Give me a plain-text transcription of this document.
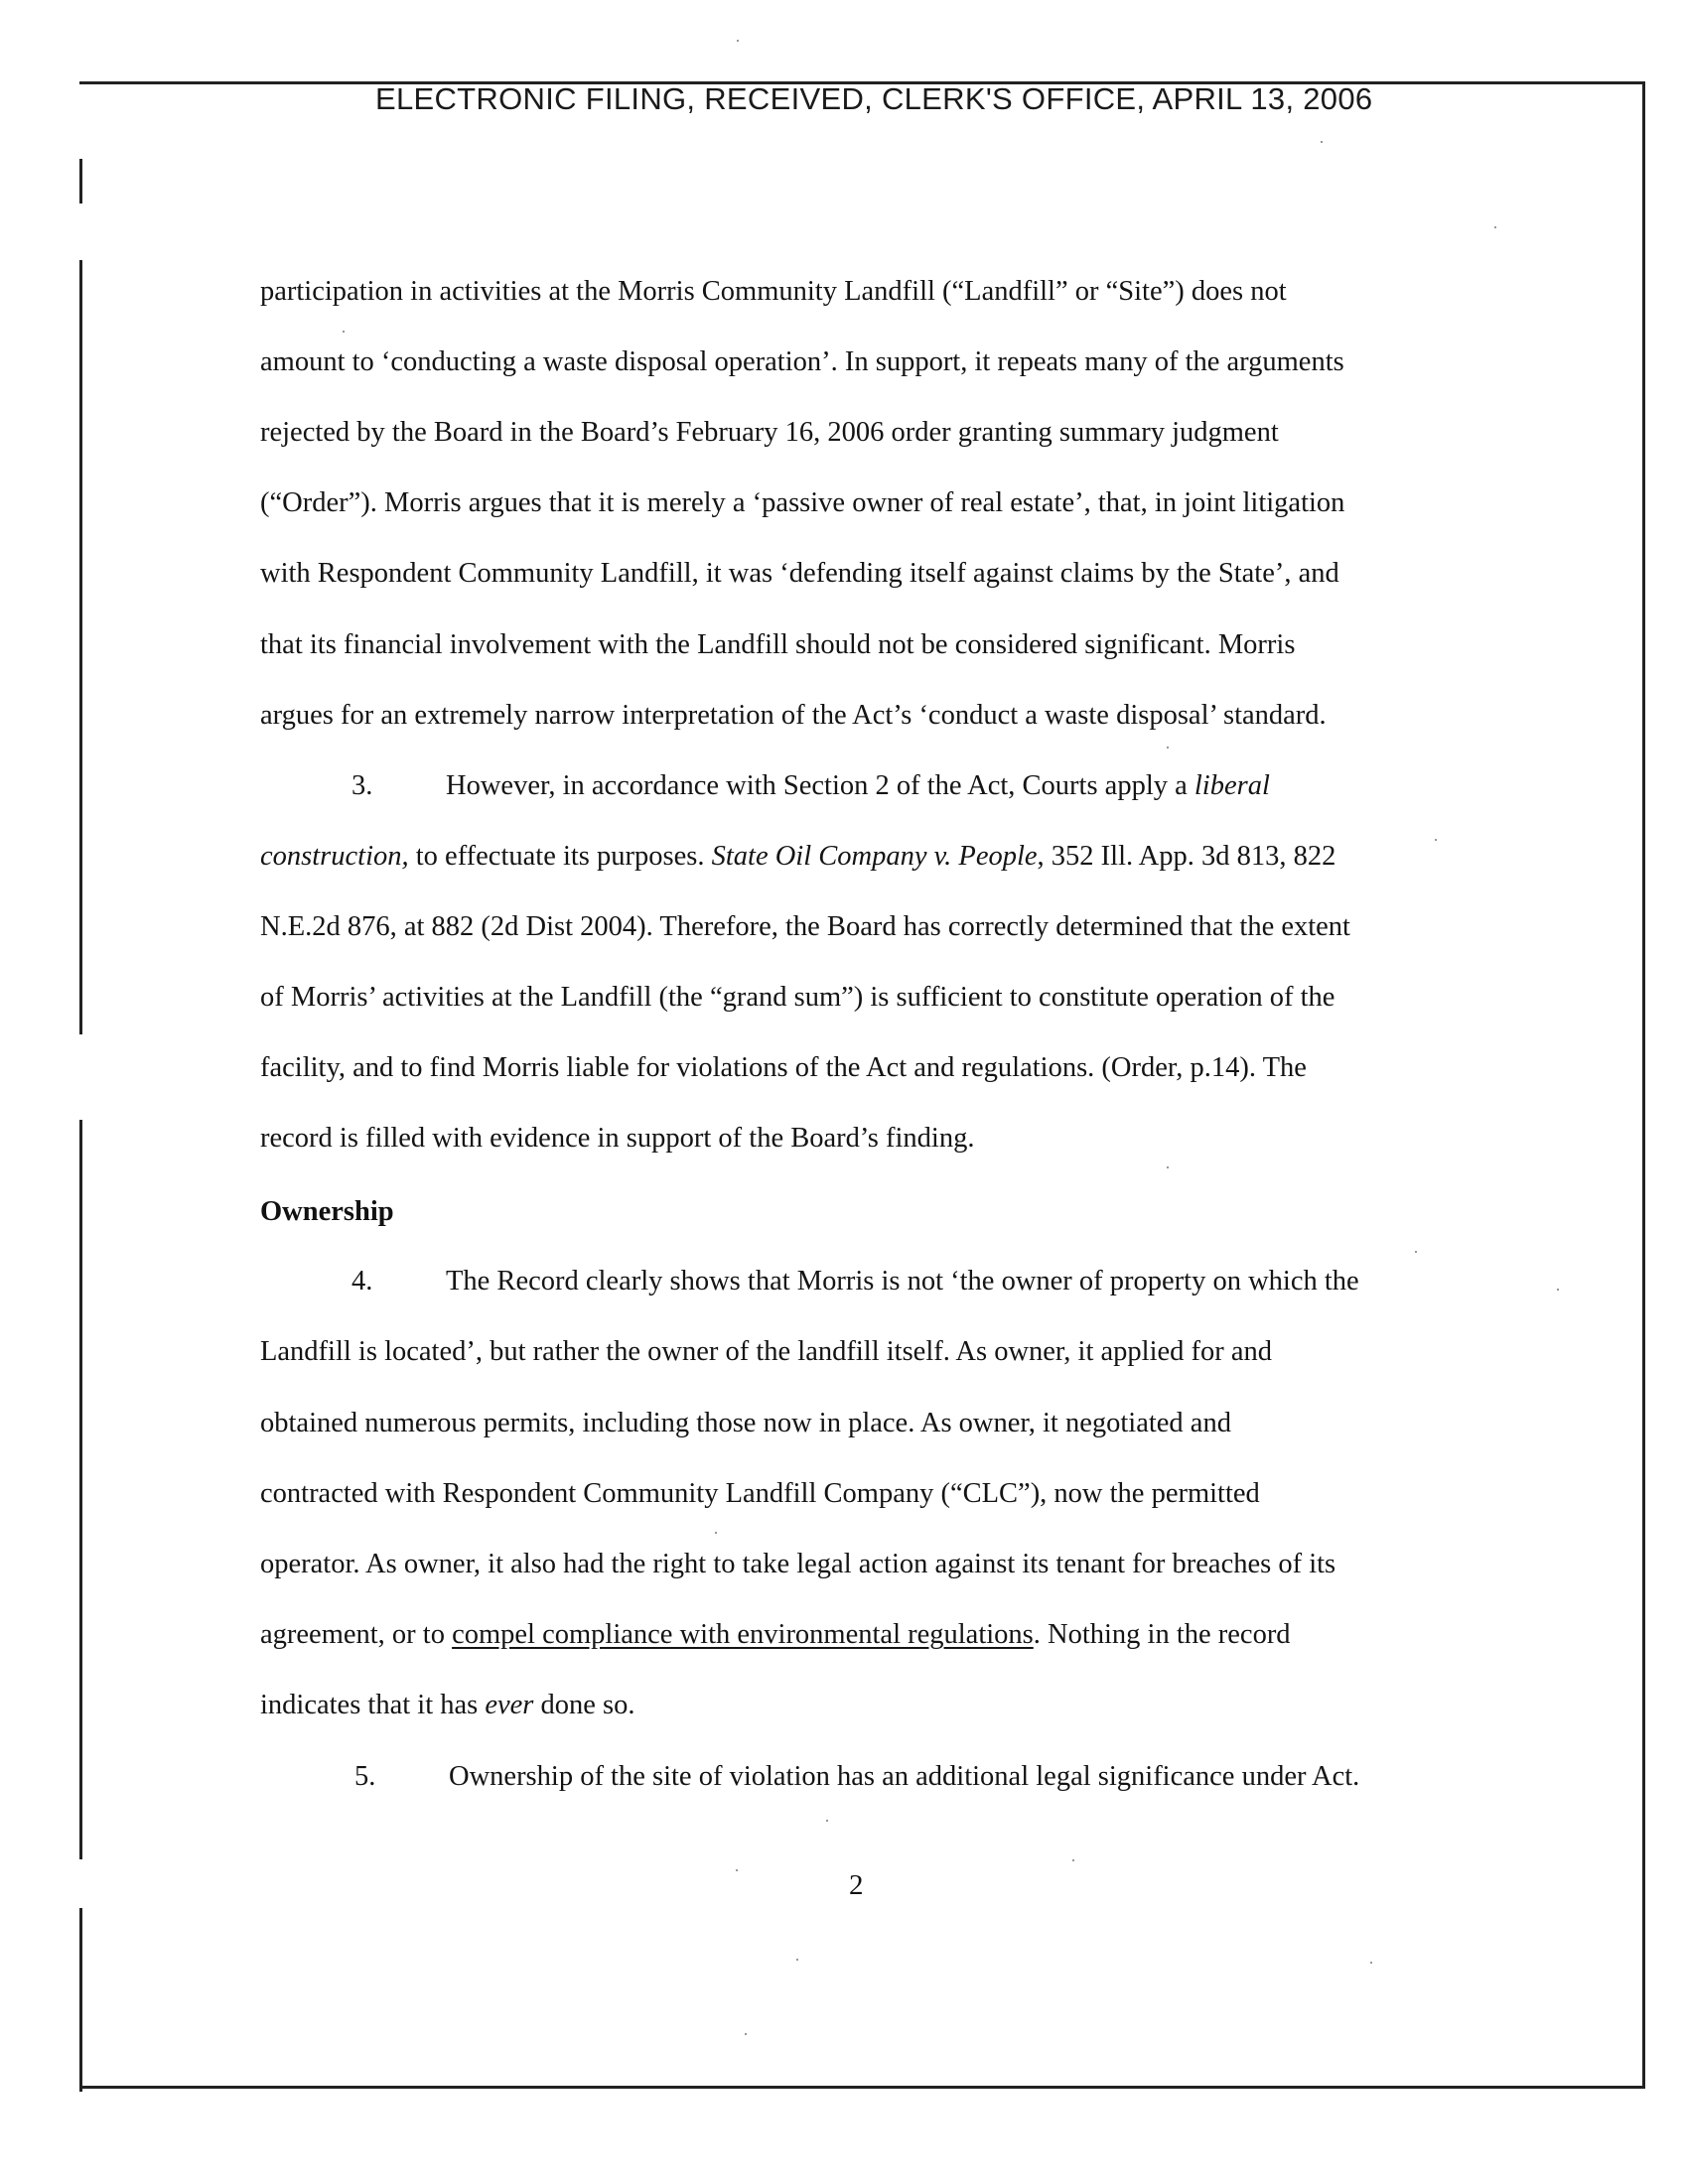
ELECTRONIC FILING, RECEIVED, CLERK'S OFFICE, APRIL 13, 2006
participation in activities at the Morris Community Landfill (“Landfill” or “Site”) does not
amount to ‘conducting a waste disposal operation’. In support, it repeats many of the arguments
rejected by the Board in the Board’s February 16, 2006 order granting summary judgment
(“Order”). Morris argues that it is merely a ‘passive owner of real estate’, that, in joint litigation
with Respondent Community Landfill, it was ‘defending itself against claims by the State’, and
that its financial involvement with the Landfill should not be considered significant. Morris
argues for an extremely narrow interpretation of the Act’s ‘conduct a waste disposal’ standard.
3.	However, in accordance with Section 2 of the Act, Courts apply a liberal
construction, to effectuate its purposes. State Oil Company v. People, 352 Ill. App. 3d 813, 822
N.E.2d 876, at 882 (2d Dist 2004). Therefore, the Board has correctly determined that the extent
of Morris’ activities at the Landfill (the “grand sum”) is sufficient to constitute operation of the
facility, and to find Morris liable for violations of the Act and regulations. (Order, p.14). The
record is filled with evidence in support of the Board’s finding.
Ownership
4.	The Record clearly shows that Morris is not ‘the owner of property on which the
Landfill is located’, but rather the owner of the landfill itself. As owner, it applied for and
obtained numerous permits, including those now in place. As owner, it negotiated and
contracted with Respondent Community Landfill Company (“CLC”), now the permitted
operator. As owner, it also had the right to take legal action against its tenant for breaches of its
agreement, or to compel compliance with environmental regulations. Nothing in the record
indicates that it has ever done so.
5.	Ownership of the site of violation has an additional legal significance under Act.
2
